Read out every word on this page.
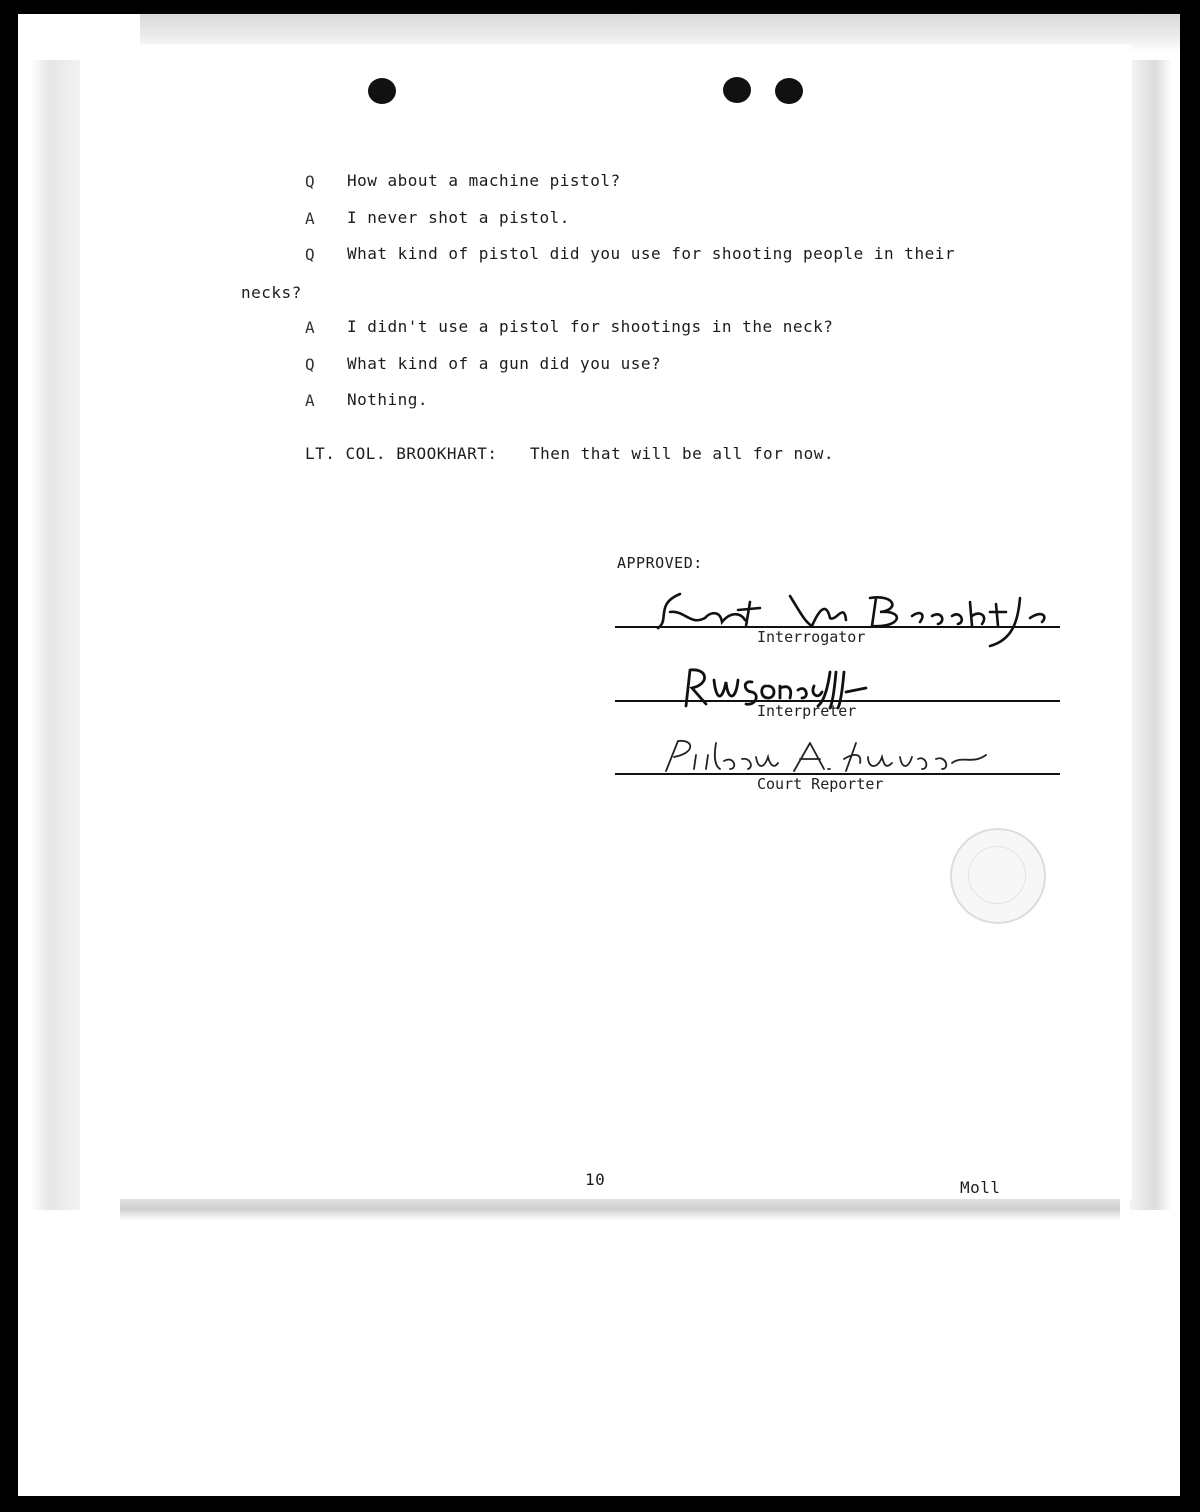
Q How about a machine pistol?
A I never shot a pistol.
Q What kind of pistol did you use for shooting people in their
necks?
A I didn't use a pistol for shootings in the neck?
Q What kind of a gun did you use?
A Nothing.
LT. COL. BROOKHART: Then that will be all for now.
APPROVED:
Interrogator
Interpreter
Court Reporter
10	Moll
